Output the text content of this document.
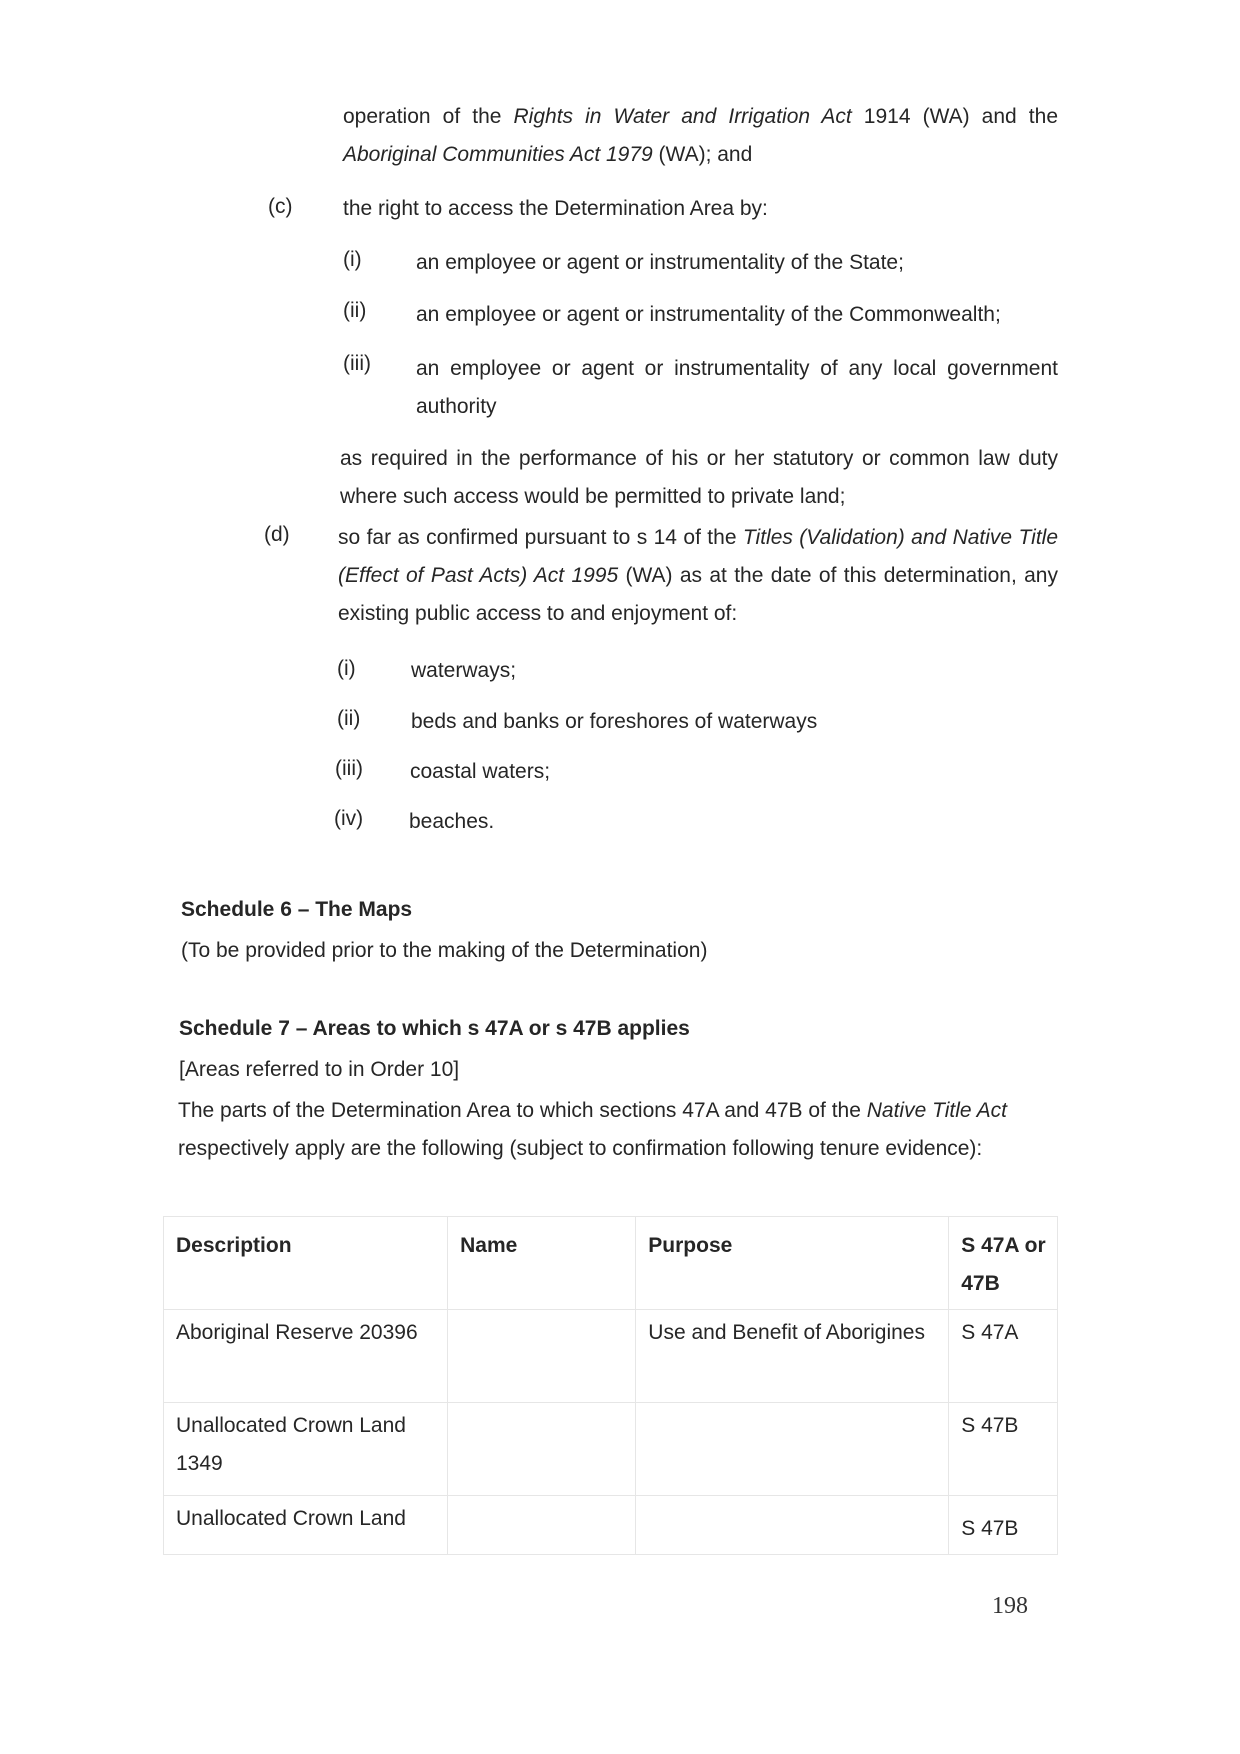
operation of the Rights in Water and Irrigation Act 1914 (WA) and the Aboriginal Communities Act 1979 (WA); and
(c) the right to access the Determination Area by:
(i)	an employee or agent or instrumentality of the State;
(ii) an employee or agent or instrumentality of the Commonwealth;
(iii) an employee or agent or instrumentality of any local government authority
as required in the performance of his or her statutory or common law duty where such access would be permitted to private land;
(d) so far as confirmed pursuant to s 14 of the Titles (Validation) and Native Title (Effect of Past Acts) Act 1995 (WA) as at the date of this determination, any existing public access to and enjoyment of:
(i)	waterways;
(ii) beds and banks or foreshores of waterways
(iii) coastal waters;
(iv) beaches.
Schedule 6 – The Maps
(To be provided prior to the making of the Determination)
Schedule 7 – Areas to which s 47A or s 47B applies
[Areas referred to in Order 10]
The parts of the Determination Area to which sections 47A and 47B of the Native Title Act respectively apply are the following (subject to confirmation following tenure evidence):
Description	Name	Purpose	S 47A or 47B
Aboriginal Reserve 20396		Use and Benefit of Aborigines	S 47A
Unallocated Crown Land 1349			S 47B
Unallocated Crown Land			S 47B
198
